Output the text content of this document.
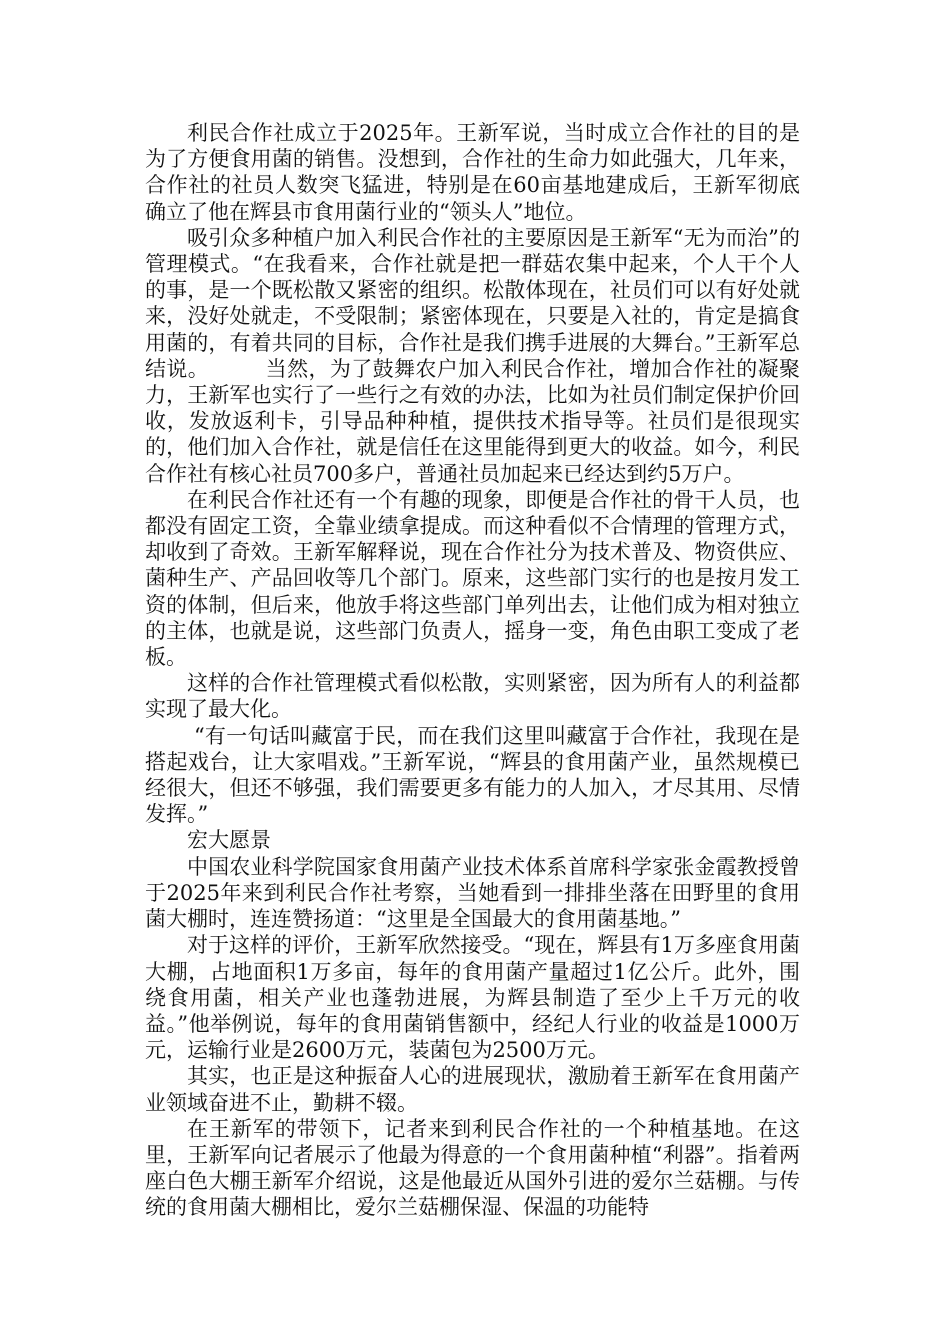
利民合作社成立于2025年。王新军说，当时成立合作社的目的是为了方便食用菌的销售。没想到，合作社的生命力如此强大，几年来，合作社的社员人数突飞猛进，特别是在60亩基地建成后，王新军彻底确立了他在辉县市食用菌行业的“领头人”地位。

吸引众多种植户加入利民合作社的主要原因是王新军“无为而治”的管理模式。“在我看来，合作社就是把一群菇农集中起来，个人干个人的事，是一个既松散又紧密的组织。松散体现在，社员们可以有好处就来，没好处就走，不受限制；紧密体现在，只要是入社的，肯定是搞食用菌的，有着共同的目标，合作社是我们携手进展的大舞台。”王新军总结说。        当然，为了鼓舞农户加入利民合作社，增加合作社的凝聚力，王新军也实行了一些行之有效的办法，比如为社员们制定保护价回收，发放返利卡，引导品种种植，提供技术指导等。社员们是很现实的，他们加入合作社，就是信任在这里能得到更大的收益。如今，利民合作社有核心社员700多户，普通社员加起来已经达到约5万户。

在利民合作社还有一个有趣的现象，即便是合作社的骨干人员，也都没有固定工资，全靠业绩拿提成。而这种看似不合情理的管理方式，却收到了奇效。王新军解释说，现在合作社分为技术普及、物资供应、菌种生产、产品回收等几个部门。原来，这些部门实行的也是按月发工资的体制，但后来，他放手将这些部门单列出去，让他们成为相对独立的主体，也就是说，这些部门负责人，摇身一变，角色由职工变成了老板。

这样的合作社管理模式看似松散，实则紧密，因为所有人的利益都实现了最大化。

“有一句话叫藏富于民，而在我们这里叫藏富于合作社，我现在是搭起戏台，让大家唱戏。”王新军说，“辉县的食用菌产业，虽然规模已经很大，但还不够强，我们需要更多有能力的人加入，才尽其用、尽情发挥。”

宏大愿景

中国农业科学院国家食用菌产业技术体系首席科学家张金霞教授曾于2025年来到利民合作社考察，当她看到一排排坐落在田野里的食用菌大棚时，连连赞扬道：“这里是全国最大的食用菌基地。”

对于这样的评价，王新军欣然接受。“现在，辉县有1万多座食用菌大棚，占地面积1万多亩，每年的食用菌产量超过1亿公斤。此外，围绕食用菌，相关产业也蓬勃进展，为辉县制造了至少上千万元的收益。”他举例说，每年的食用菌销售额中，经纪人行业的收益是1000万元，运输行业是2600万元，装菌包为2500万元。

其实，也正是这种振奋人心的进展现状，激励着王新军在食用菌产业领域奋进不止，勤耕不辍。

在王新军的带领下，记者来到利民合作社的一个种植基地。在这里，王新军向记者展示了他最为得意的一个食用菌种植“利器”。指着两座白色大棚王新军介绍说，这是他最近从国外引进的爱尔兰菇棚。与传统的食用菌大棚相比，爱尔兰菇棚保湿、保温的功能特
